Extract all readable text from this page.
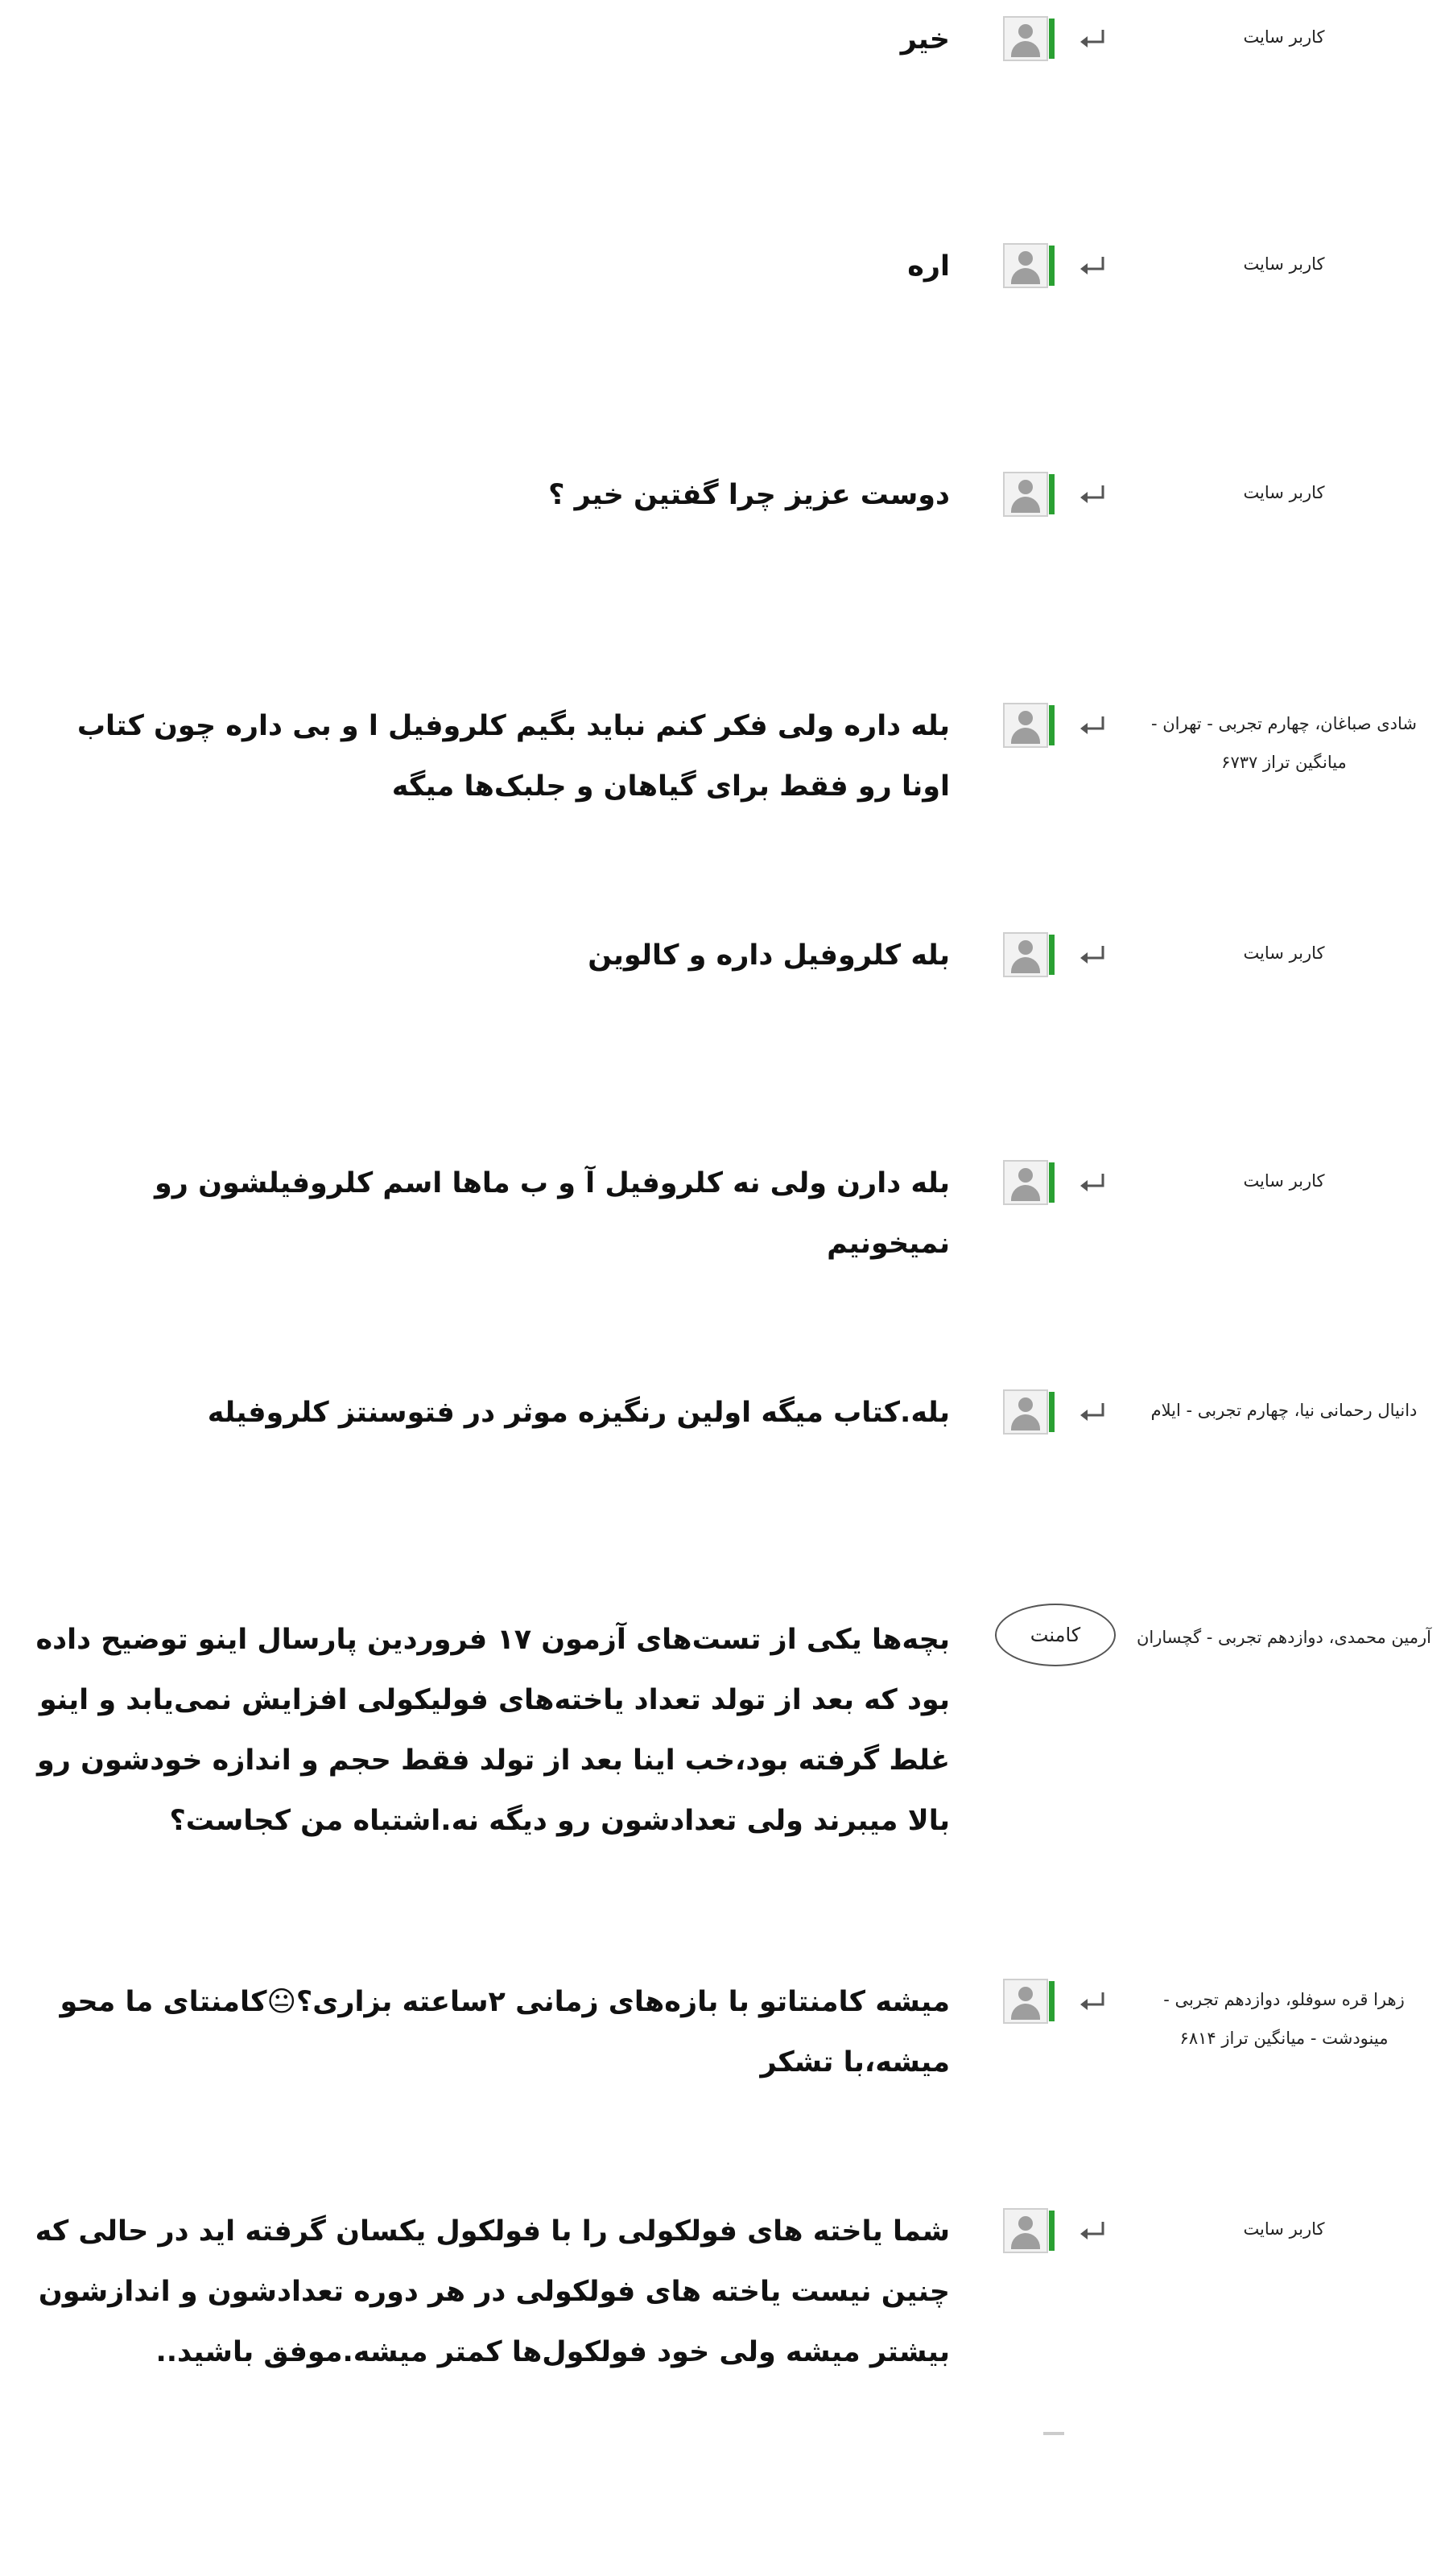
کاربر سایت

خیر

کاربر سایت

اره

کاربر سایت

دوست عزیز چرا گفتین خیر ؟

شادی صباغان، چهارم تجربی - تهران - میانگین تراز ۶۷۳۷

بله داره ولی فکر کنم نباید بگیم کلروفیل ا و بی داره چون کتاب اونا رو فقط برای گیاهان و جلبک‌ها میگه

کاربر سایت

بله کلروفیل داره و کالوین

کاربر سایت

بله دارن ولی نه کلروفیل آ و ب ماها اسم کلروفیلشون رو نمیخونیم

دانیال رحمانی نیا، چهارم تجربی - ایلام

بله.کتاب میگه اولین رنگیزه موثر در فتوسنتز کلروفیله

آرمین محمدی، دوازدهم تجربی - گچساران
کامنت

بچه‌ها یکی از تست‌های آزمون ۱۷ فروردین پارسال اینو توضیح داده بود که بعد از تولد تعداد یاخته‌های فولیکولی افزایش نمی‌یابد و اینو غلط گرفته بود،خب اینا بعد از تولد فقط حجم و اندازه خودشون رو بالا میبرند ولی تعدادشون رو دیگه نه.اشتباه من کجاست؟

زهرا قره سوفلو، دوازدهم تجربی - مینودشت - میانگین تراز ۶۸۱۴

میشه کامنتاتو با بازه‌های زمانی ۲ساعته بزاری؟😐کامنتای ما محو میشه،با تشکر

کاربر سایت

شما یاخته های فولکولی را با فولکول یکسان گرفته اید در حالی که چنین نیست یاخته های فولکولی در هر دوره تعدادشون و اندازشون بیشتر میشه ولی خود فولکول‌ها کمتر میشه.موفق باشید..
